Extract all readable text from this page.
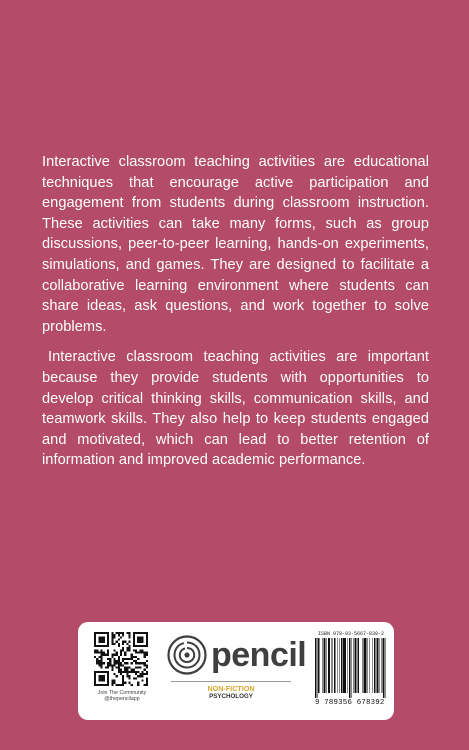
Interactive classroom teaching activities are educational techniques that encourage active participation and engagement from students during classroom instruction. These activities can take many forms, such as group discussions, peer-to-peer learning, hands-on experiments, simulations, and games. They are designed to facilitate a collaborative learning environment where students can share ideas, ask questions, and work together to solve problems.

Interactive classroom teaching activities are important because they provide students with opportunities to develop critical thinking skills, communication skills, and teamwork skills. They also help to keep students engaged and motivated, which can lead to better retention of information and improved academic performance.

Join The Community
@thepencilapp
pencil
NON-FICTION
PSYCHOLOGY
ISBN 978-93-5667-839-2
9 789356 678392
